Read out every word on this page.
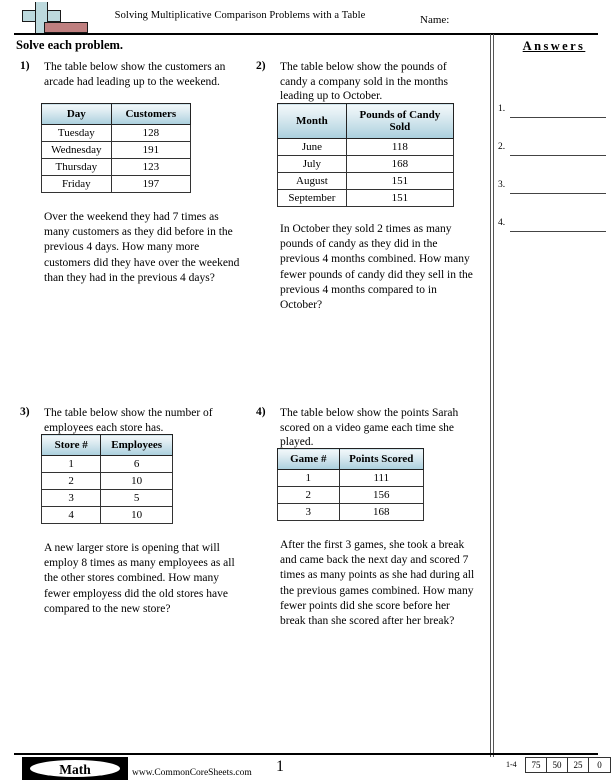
Solving Multiplicative Comparison Problems with a Table	Name:
Solve each problem.	Answers
1.
2.
3.
4.
1) The table below show the customers an arcade had leading up to the weekend.
Day	Customers
Tuesday	128
Wednesday	191
Thursday	123
Friday	197
Over the weekend they had 7 times as many customers as they did before in the previous 4 days. How many more customers did they have over the weekend than they had in the previous 4 days?
2) The table below show the pounds of candy a company sold in the months leading up to October.
Month	Pounds of Candy Sold
June	118
July	168
August	151
September	151
In October they sold 2 times as many pounds of candy as they did in the previous 4 months combined. How many fewer pounds of candy did they sell in the previous 4 months compared to in October?
3) The table below show the number of employees each store has.
Store #	Employees
1	6
2	10
3	5
4	10
A new larger store is opening that will employ 8 times as many employees as all the other stores combined. How many fewer employess did the old stores have compared to the new store?
4) The table below show the points Sarah scored on a video game each time she played.
Game #	Points Scored
1	111
2	156
3	168
After the first 3 games, she took a break and came back the next day and scored 7 times as many points as she had during all the previous games combined. How many fewer points did she score before her break than she scored after her break?
Math	www.CommonCoreSheets.com 1	1-4	75	50	25	0
